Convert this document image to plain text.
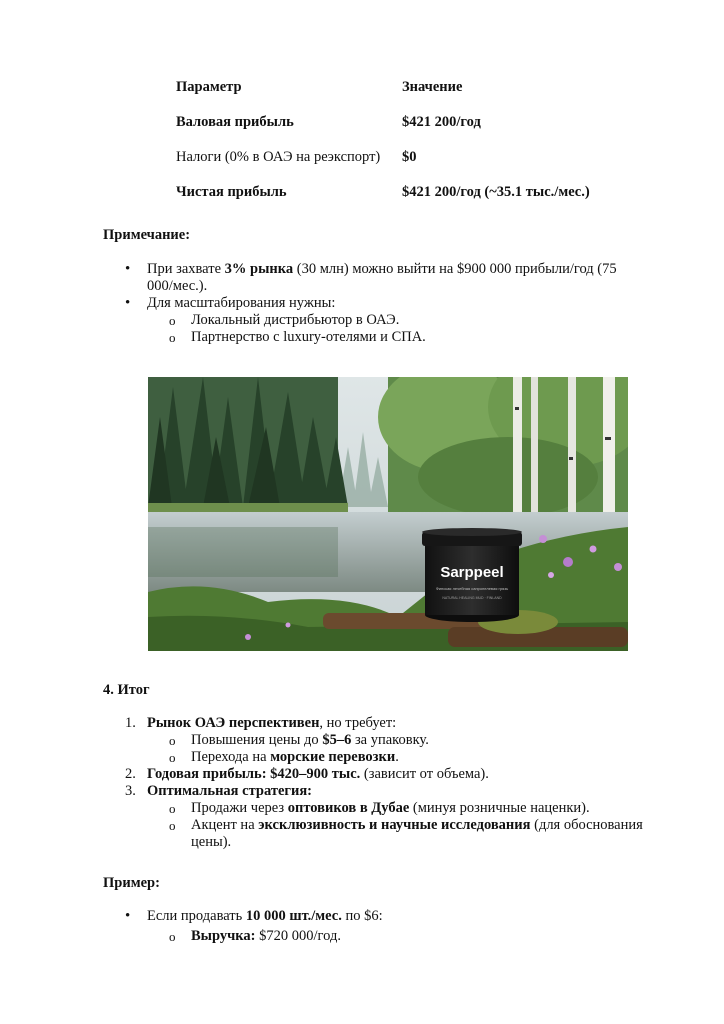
Параметр	Значение
Валовая прибыль	$421 200/год
Налоги (0% в ОАЭ на реэкспорт)	$0
Чистая прибыль	$421 200/год (~35.1 тыс./мес.)
Примечание:
• При захвате 3% рынка (30 млн) можно выйти на $900 000 прибыли/год (75 000/мес.).
• Для масштабирования нужны:
o Локальный дистрибьютор в ОАЭ.
o Партнерство с luxury-отелями и СПА.
Sarppeel
Финская лечебная сапропелевая грязь
NATURAL HEALING MUD · FINLAND
4. Итог
1. Рынок ОАЭ перспективен, но требует:
o Повышения цены до $5–6 за упаковку.
o Перехода на морские перевозки.
2. Годовая прибыль: $420–900 тыс. (зависит от объема).
3. Оптимальная стратегия:
o Продажи через оптовиков в Дубае (минуя розничные наценки).
o Акцент на эксклюзивность и научные исследования (для обоснования цены).
Пример:
• Если продавать 10 000 шт./мес. по $6:
o Выручка: $720 000/год.
